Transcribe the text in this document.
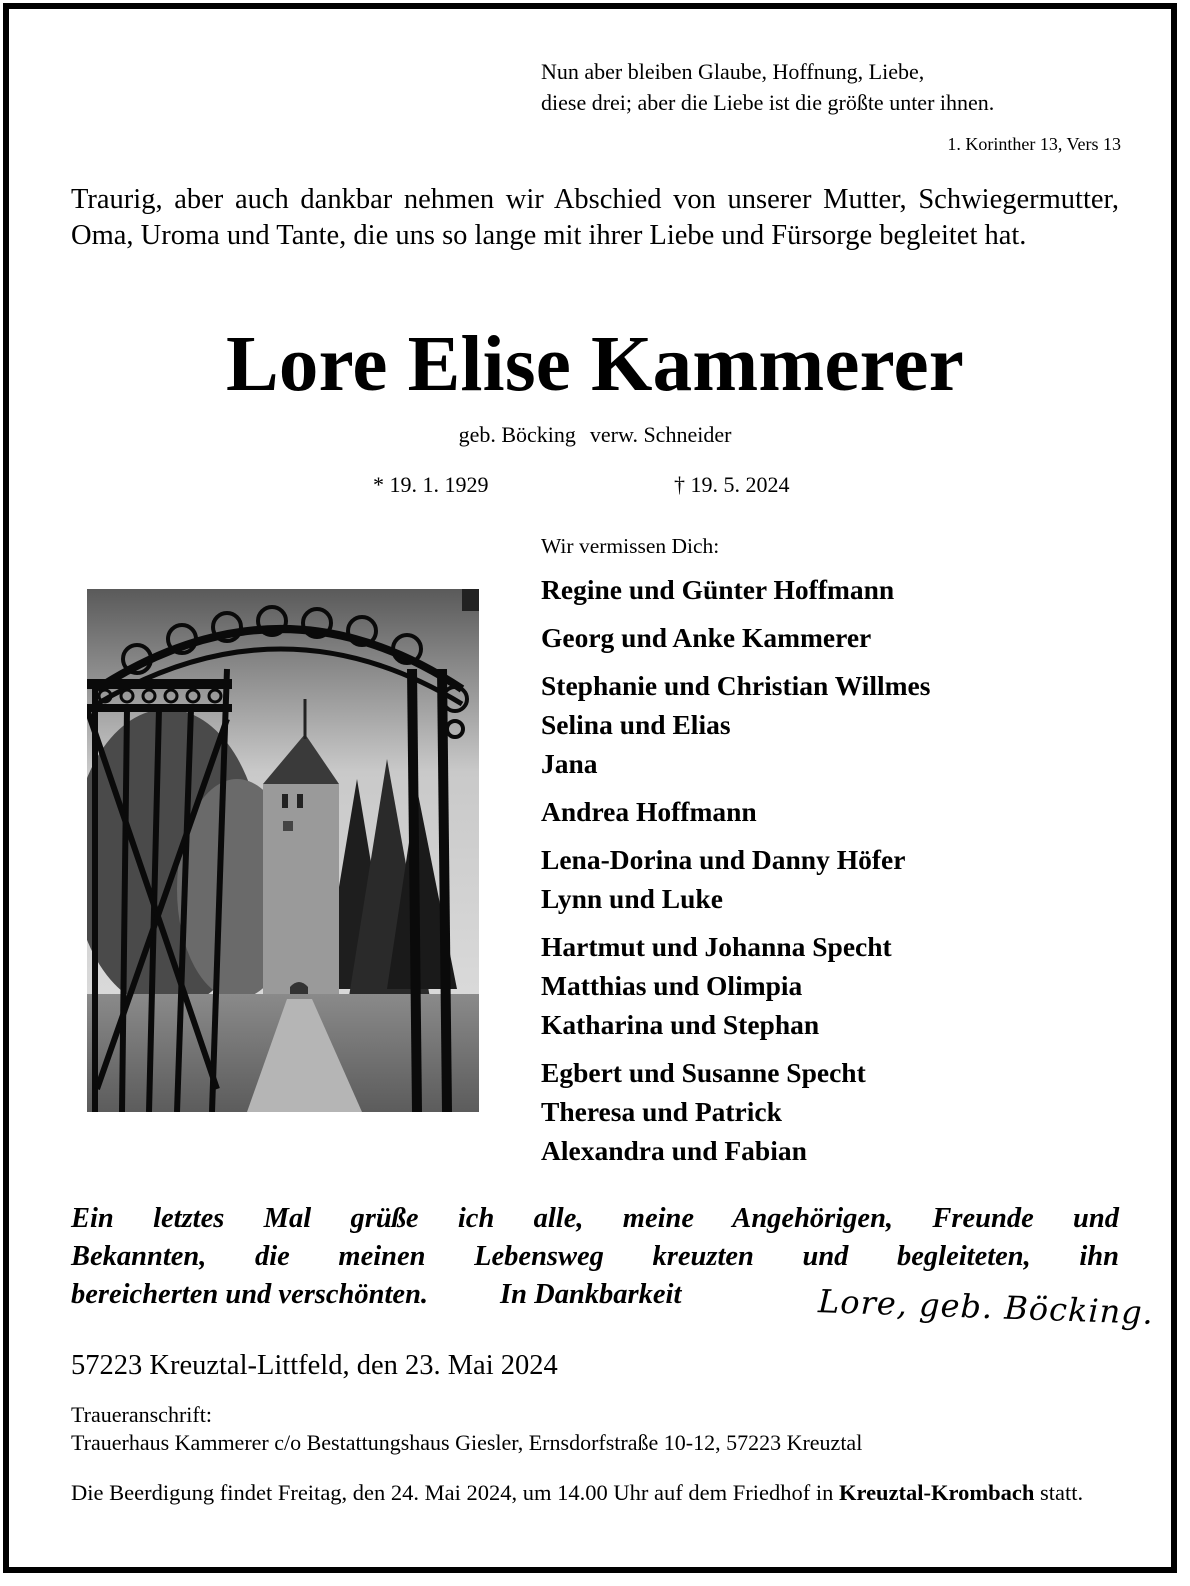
Nun aber bleiben Glaube, Hoffnung, Liebe,
diese drei; aber die Liebe ist die größte unter ihnen.
1. Korinther 13, Vers 13
Traurig, aber auch dankbar nehmen wir Abschied von unserer Mutter, Schwiegermutter, Oma, Uroma und Tante, die uns so lange mit ihrer Liebe und Fürsorge begleitet hat.
Lore Elise Kammerer
geb. Böcking verw. Schneider
* 19. 1. 1929	† 19. 5. 2024
Wir vermissen Dich:
Regine und Günter Hoffmann
Georg und Anke Kammerer
Stephanie und Christian Willmes
Selina und Elias
Jana
Andrea Hoffmann
Lena-Dorina und Danny Höfer
Lynn und Luke
Hartmut und Johanna Specht
Matthias und Olimpia
Katharina und Stephan
Egbert und Susanne Specht
Theresa und Patrick
Alexandra und Fabian
Ein letztes Mal grüße ich alle, meine Angehörigen, Freunde und
Bekannten, die meinen Lebensweg kreuzten und begleiteten, ihn
bereicherten und verschönten.	In Dankbarkeit	Lore, geb. Böcking.
57223 Kreuztal-Littfeld, den 23. Mai 2024
Traueranschrift:
Trauerhaus Kammerer c/o Bestattungshaus Giesler, Ernsdorfstraße 10-12, 57223 Kreuztal
Die Beerdigung findet Freitag, den 24. Mai 2024, um 14.00 Uhr auf dem Friedhof in Kreuztal-Krombach statt.
